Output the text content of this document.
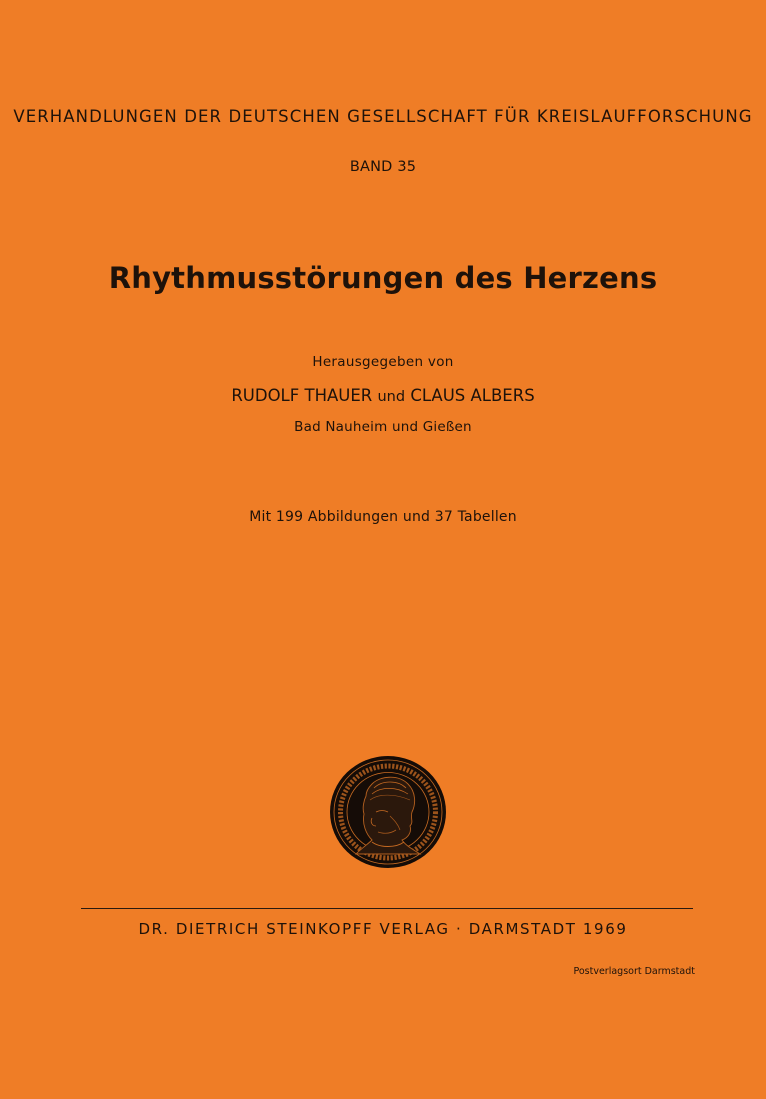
VERHANDLUNGEN DER DEUTSCHEN GESELLSCHAFT FÜR KREISLAUFFORSCHUNG
BAND 35
Rhythmusstörungen des Herzens
Herausgegeben von
RUDOLF THAUER und CLAUS ALBERS
Bad Nauheim und Gießen
Mit 199 Abbildungen und 37 Tabellen
DR. DIETRICH STEINKOPFF VERLAG · DARMSTADT 1969
Postverlagsort Darmstadt
